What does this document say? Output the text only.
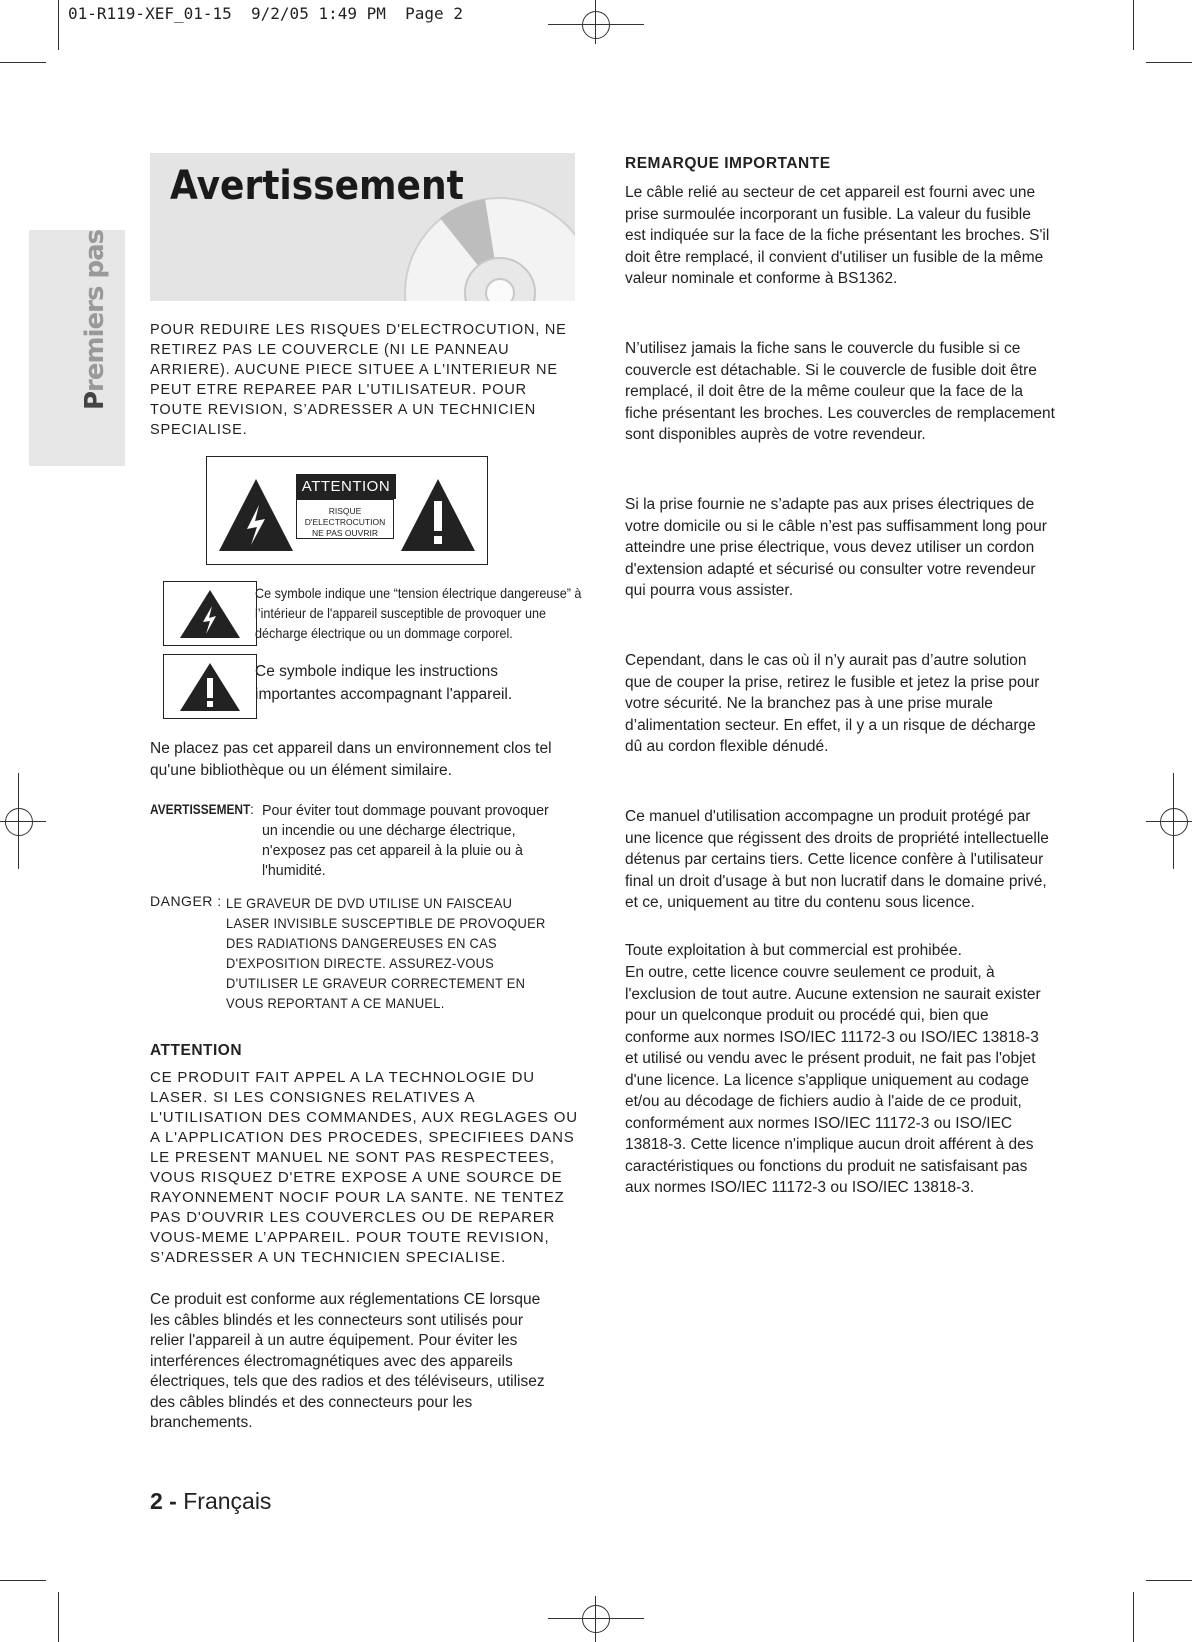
01-R119-XEF_01-15  9/2/05 1:49 PM  Page 2
Premiers pas
Avertissement
POUR REDUIRE LES RISQUES D'ELECTROCUTION, NE RETIREZ PAS LE COUVERCLE (NI LE PANNEAU ARRIERE). AUCUNE PIECE SITUEE A L'INTERIEUR NE PEUT ETRE REPAREE PAR L'UTILISATEUR. POUR TOUTE REVISION, S’ADRESSER A UN TECHNICIEN SPECIALISE.
ATTENTION
RISQUE D'ELECTROCUTION
NE PAS OUVRIR
Ce symbole indique une “tension électrique dangereuse” à l’intérieur de l'appareil susceptible de provoquer une décharge électrique ou un dommage corporel.
Ce symbole indique les instructions importantes accompagnant l'appareil.
Ne placez pas cet appareil dans un environnement clos tel qu'une bibliothèque ou un élément similaire.
AVERTISSEMENT : Pour éviter tout dommage pouvant provoquer un incendie ou une décharge électrique, n'exposez pas cet appareil à la pluie ou à l'humidité.
DANGER : LE GRAVEUR DE DVD UTILISE UN FAISCEAU LASER INVISIBLE SUSCEPTIBLE DE PROVOQUER DES RADIATIONS DANGEREUSES EN CAS D'EXPOSITION DIRECTE. ASSUREZ-VOUS D'UTILISER LE GRAVEUR CORRECTEMENT EN VOUS REPORTANT A CE MANUEL.
ATTENTION
CE PRODUIT FAIT APPEL A LA TECHNOLOGIE DU LASER. SI LES CONSIGNES RELATIVES A L'UTILISATION DES COMMANDES, AUX REGLAGES OU A L'APPLICATION DES PROCEDES, SPECIFIEES DANS LE PRESENT MANUEL NE SONT PAS RESPECTEES, VOUS RISQUEZ D'ETRE EXPOSE A UNE SOURCE DE RAYONNEMENT NOCIF POUR LA SANTE. NE TENTEZ PAS D'OUVRIR LES COUVERCLES OU DE REPARER VOUS-MEME L’APPAREIL. POUR TOUTE REVISION, S’ADRESSER A UN TECHNICIEN SPECIALISE.
Ce produit est conforme aux réglementations CE lorsque les câbles blindés et les connecteurs sont utilisés pour relier l'appareil à un autre équipement. Pour éviter les interférences électromagnétiques avec des appareils électriques, tels que des radios et des téléviseurs, utilisez des câbles blindés et des connecteurs pour les branchements.
2 - Français
REMARQUE IMPORTANTE
Le câble relié au secteur de cet appareil est fourni avec une prise surmoulée incorporant un fusible. La valeur du fusible est indiquée sur la face de la fiche présentant les broches. S'il doit être remplacé, il convient d'utiliser un fusible de la même valeur nominale et conforme à BS1362.
N’utilisez jamais la fiche sans le couvercle du fusible si ce couvercle est détachable. Si le couvercle de fusible doit être remplacé, il doit être de la même couleur que la face de la fiche présentant les broches. Les couvercles de remplacement sont disponibles auprès de votre revendeur.
Si la prise fournie ne s’adapte pas aux prises électriques de votre domicile ou si le câble n’est pas suffisamment long pour atteindre une prise électrique, vous devez utiliser un cordon d'extension adapté et sécurisé ou consulter votre revendeur qui pourra vous assister.
Cependant, dans le cas où il n’y aurait pas d’autre solution que de couper la prise, retirez le fusible et jetez la prise pour votre sécurité. Ne la branchez pas à une prise murale d’alimentation secteur. En effet, il y a un risque de décharge dû au cordon flexible dénudé.
Ce manuel d'utilisation accompagne un produit protégé par une licence que régissent des droits de propriété intellectuelle détenus par certains tiers. Cette licence confère à l'utilisateur final un droit d'usage à but non lucratif dans le domaine privé, et ce, uniquement au titre du contenu sous licence.
Toute exploitation à but commercial est prohibée.
En outre, cette licence couvre seulement ce produit, à l'exclusion de tout autre. Aucune extension ne saurait exister pour un quelconque produit ou procédé qui, bien que conforme aux normes ISO/IEC 11172-3 ou ISO/IEC 13818-3 et utilisé ou vendu avec le présent produit, ne fait pas l'objet d'une licence. La licence s'applique uniquement au codage et/ou au décodage de fichiers audio à l'aide de ce produit, conformément aux normes ISO/IEC 11172-3 ou ISO/IEC 13818-3. Cette licence n'implique aucun droit afférent à des caractéristiques ou fonctions du produit ne satisfaisant pas aux normes ISO/IEC 11172-3 ou ISO/IEC 13818-3.
